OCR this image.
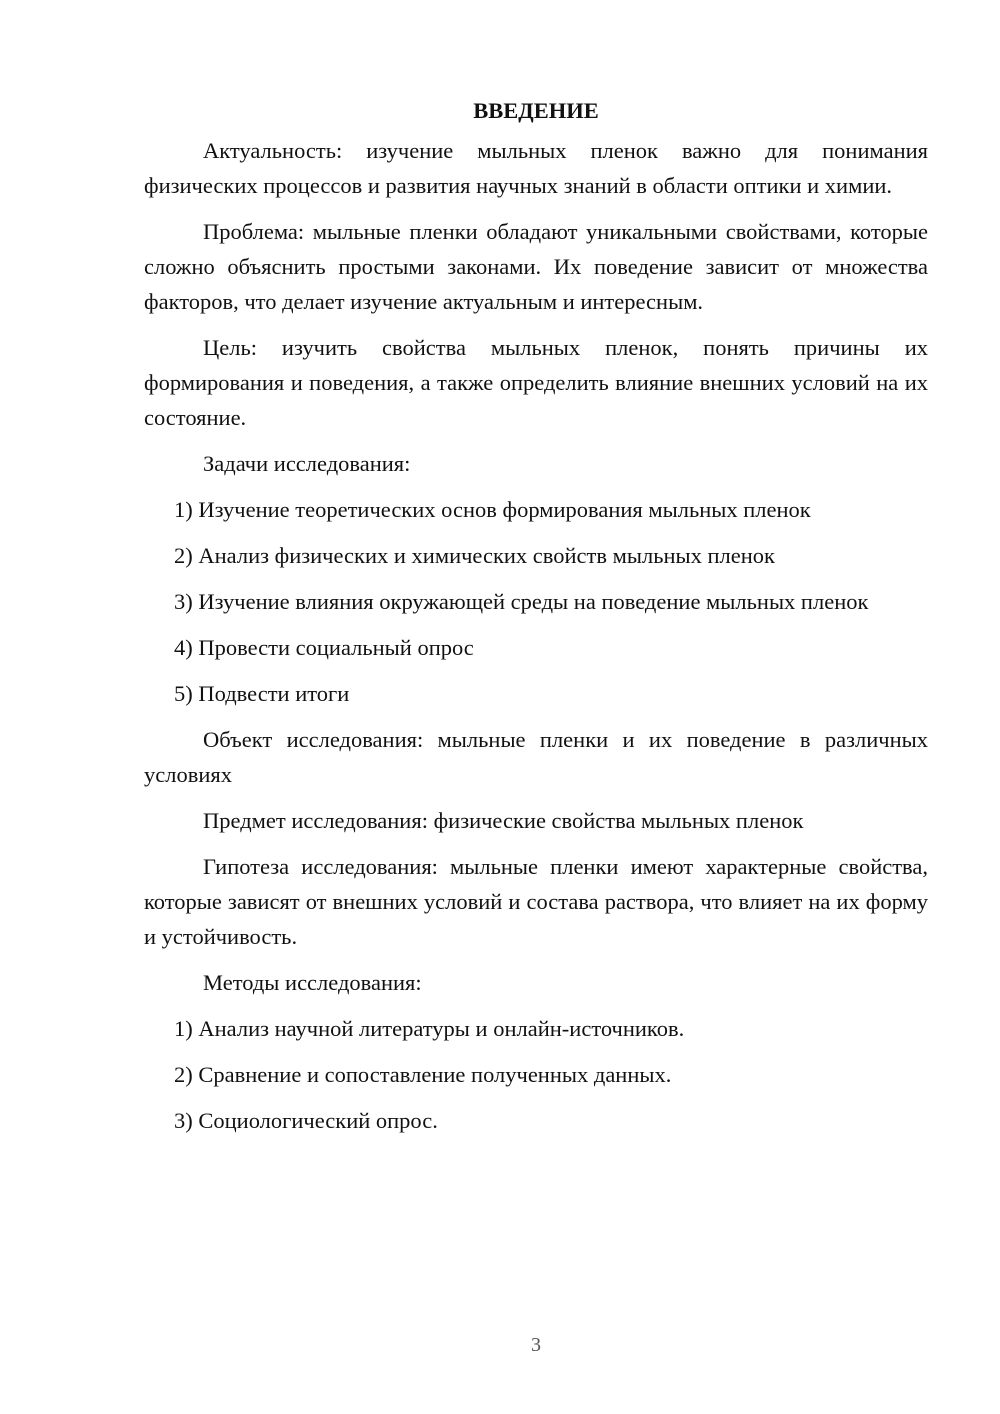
ВВЕДЕНИЕ

Актуальность: изучение мыльных пленок важно для понимания физических процессов и развития научных знаний в области оптики и химии.

Проблема: мыльные пленки обладают уникальными свойствами, которые сложно объяснить простыми законами. Их поведение зависит от множества факторов, что делает изучение актуальным и интересным.

Цель: изучить свойства мыльных пленок, понять причины их формирования и поведения, а также определить влияние внешних условий на их состояние.

Задачи исследования:

1) Изучение теоретических основ формирования мыльных пленок

2) Анализ физических и химических свойств мыльных пленок

3) Изучение влияния окружающей среды на поведение мыльных пленок

4) Провести социальный опрос

5) Подвести итоги

Объект исследования: мыльные пленки и их поведение в различных условиях

Предмет исследования: физические свойства мыльных пленок

Гипотеза исследования: мыльные пленки имеют характерные свойства, которые зависят от внешних условий и состава раствора, что влияет на их форму и устойчивость.

Методы исследования:

1) Анализ научной литературы и онлайн-источников.

2) Сравнение и сопоставление полученных данных.

3) Социологический опрос.

3
